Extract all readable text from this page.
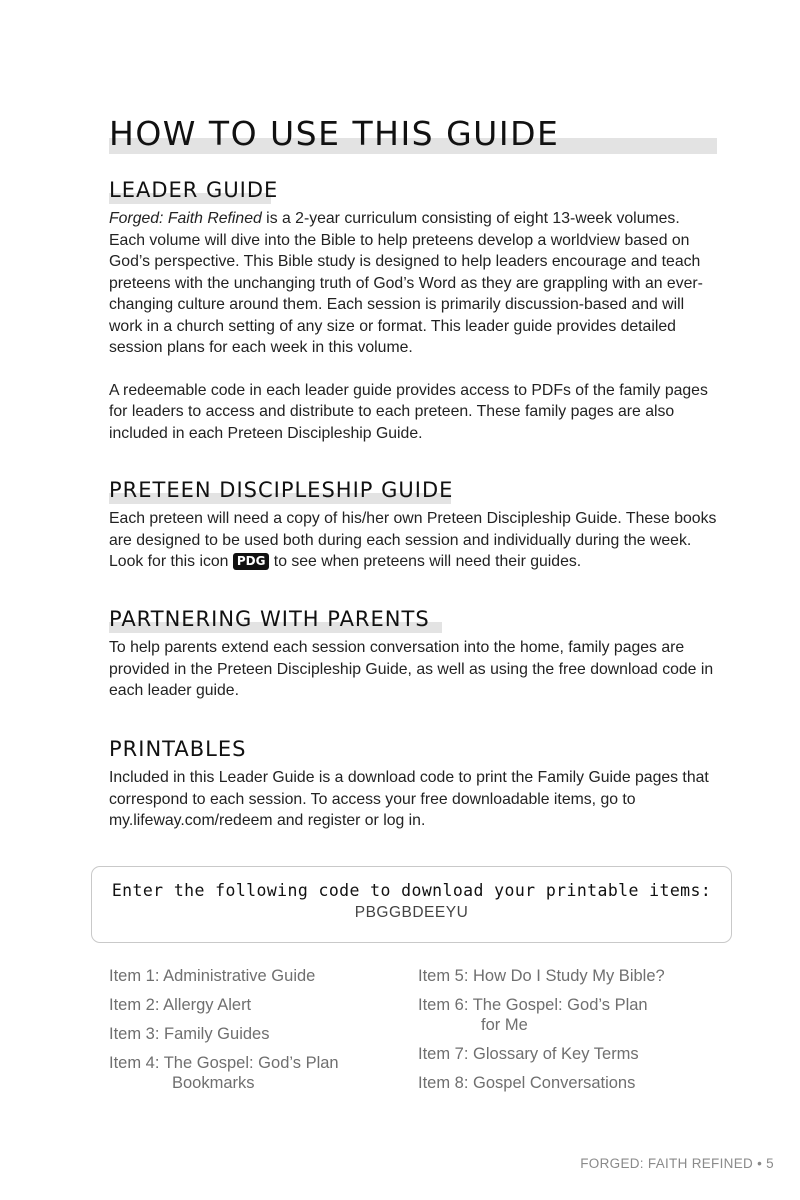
HOW TO USE THIS GUIDE
LEADER GUIDE

Forged: Faith Refined is a 2-year curriculum consisting of eight 13-week volumes. Each volume will dive into the Bible to help preteens develop a worldview based on God’s perspective. This Bible study is designed to help leaders encourage and teach preteens with the unchanging truth of God’s Word as they are grappling with an ever-changing culture around them. Each session is primarily discussion-based and will work in a church setting of any size or format. This leader guide provides detailed session plans for each week in this volume.

A redeemable code in each leader guide provides access to PDFs of the family pages for leaders to access and distribute to each preteen. These family pages are also included in each Preteen Discipleship Guide.

PRETEEN DISCIPLESHIP GUIDE

Each preteen will need a copy of his/her own Preteen Discipleship Guide. These books are designed to be used both during each session and individually during the week. Look for this icon PDG to see when preteens will need their guides.

PARTNERING WITH PARENTS

To help parents extend each session conversation into the home, family pages are provided in the Preteen Discipleship Guide, as well as using the free download code in each leader guide.

PRINTABLES

Included in this Leader Guide is a download code to print the Family Guide pages that correspond to each session. To access your free downloadable items, go to my.lifeway.com/redeem and register or log in.

Enter the following code to download your printable items:
PBGGBDEEYU
Item 1: Administrative Guide
Item 2: Allergy Alert
Item 3: Family Guides
Item 4: The Gospel: God’s Plan
Bookmarks
Item 5: How Do I Study My Bible?
Item 6: The Gospel: God’s Plan
for Me
Item 7: Glossary of Key Terms
Item 8: Gospel Conversations
FORGED: FAITH REFINED • 5
